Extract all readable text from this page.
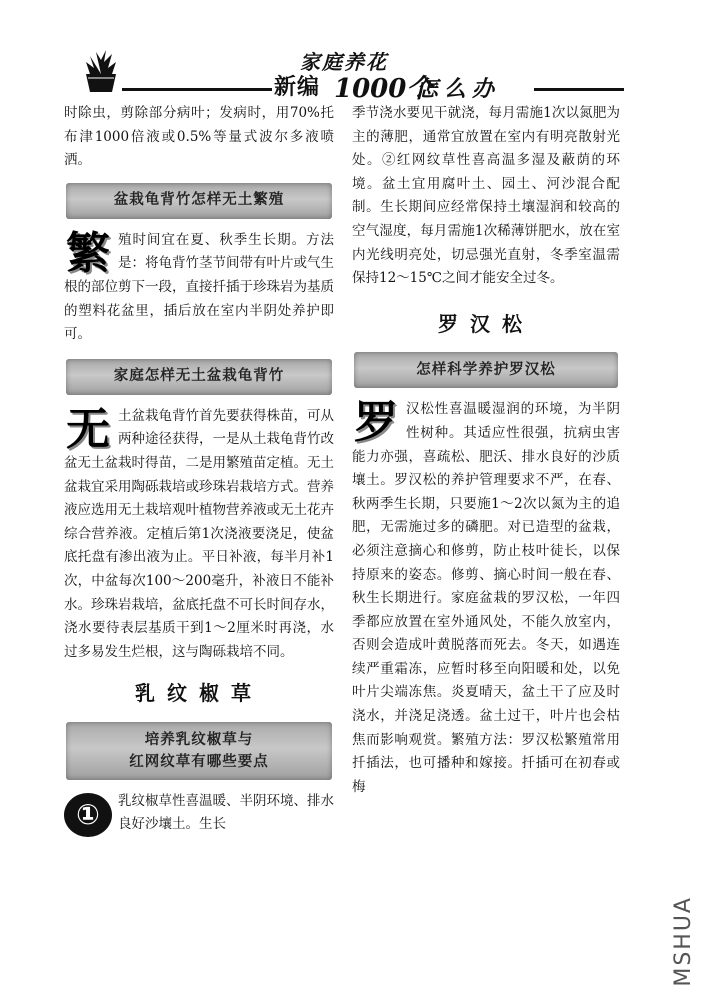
家庭养花
新编 1000个
怎么办

时除虫，剪除部分病叶；发病时，用70%托布津1000倍液或0.5%等量式波尔多液喷洒。

盆栽龟背竹怎样无土繁殖

繁 殖时间宜在夏、秋季生长期。方法是：将龟背竹茎节间带有叶片或气生根的部位剪下一段，直接扦插于珍珠岩为基质的塑料花盆里，插后放在室内半阴处养护即可。

家庭怎样无土盆栽龟背竹

无 土盆栽龟背竹首先要获得株苗，可从两种途径获得，一是从土栽龟背竹改盆无土盆栽时得苗，二是用繁殖苗定植。无土盆栽宜采用陶砾栽培或珍珠岩栽培方式。营养液应选用无土栽培观叶植物营养液或无土花卉综合营养液。定植后第1次浇液要浇足，使盆底托盘有渗出液为止。平日补液，每半月补1次，中盆每次100～200毫升，补液日不能补水。珍珠岩栽培，盆底托盘不可长时间存水，浇水要待表层基质干到1～2厘米时再浇，水过多易发生烂根，这与陶砾栽培不同。

乳纹椒草
培养乳纹椒草与
红网纹草有哪些要点

①	乳纹椒草性喜温暖、半阴环境、排水良好沙壤土。生长

季节浇水要见干就浇，每月需施1次以氮肥为主的薄肥，通常宜放置在室内有明亮散射光处。②红网纹草性喜高温多湿及蔽荫的环境。盆土宜用腐叶土、园土、河沙混合配制。生长期间应经常保持土壤湿润和较高的空气湿度，每月需施1次稀薄饼肥水，放在室内光线明亮处，切忌强光直射，冬季室温需保持12～15℃之间才能安全过冬。

罗汉松
怎样科学养护罗汉松

罗 汉松性喜温暖湿润的环境，为半阴性树种。其适应性很强，抗病虫害能力亦强，喜疏松、肥沃、排水良好的沙质壤土。罗汉松的养护管理要求不严，在春、秋两季生长期，只要施1～2次以氮为主的追肥，无需施过多的磷肥。对已造型的盆栽，必须注意摘心和修剪，防止枝叶徒长，以保持原来的姿态。修剪、摘心时间一般在春、秋生长期进行。家庭盆栽的罗汉松，一年四季都应放置在室外通风处，不能久放室内，否则会造成叶黄脱落而死去。冬天，如遇连续严重霜冻，应暂时移至向阳暖和处，以免叶片尖端冻焦。炎夏晴天，盆土干了应及时浇水，并浇足浇透。盆土过干，叶片也会枯焦而影响观赏。繁殖方法：罗汉松繁殖常用扦插法，也可播种和嫁接。扦插可在初春或梅

MSHUA
